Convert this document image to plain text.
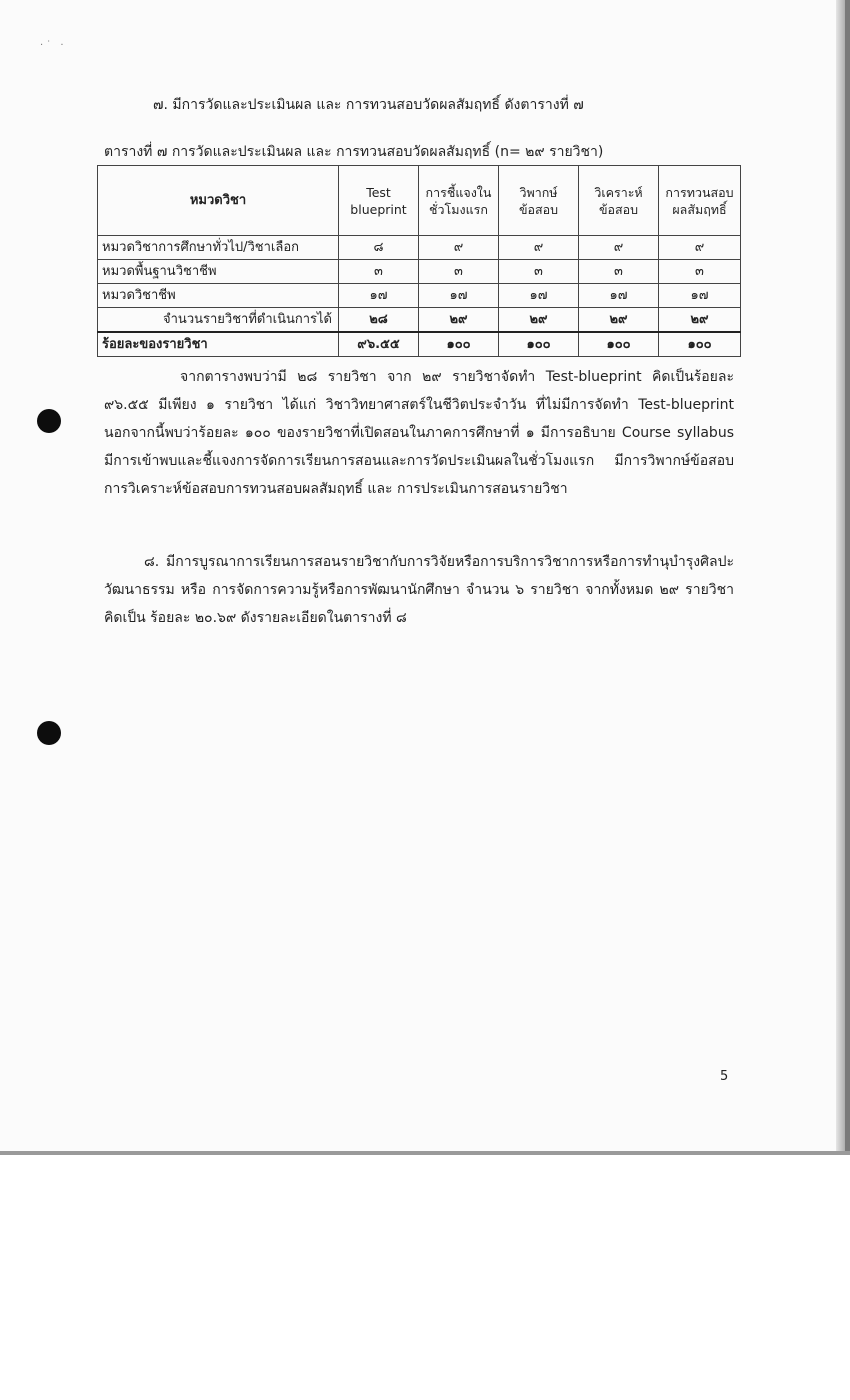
·˙ ·
๗. มีการวัดและประเมินผล และ การทวนสอบวัดผลสัมฤทธิ์ ดังตารางที่ ๗
ตารางที่ ๗ การวัดและประเมินผล และ การทวนสอบวัดผลสัมฤทธิ์ (n= ๒๙ รายวิชา)
หมวดวิชา	Test blueprint	การชี้แจงในชั่วโมงแรก	วิพากษ์ข้อสอบ	วิเคราะห์ข้อสอบ	การทวนสอบผลสัมฤทธิ์
หมวดวิชาการศึกษาทั่วไป/วิชาเลือก	๘	๙	๙	๙	๙
หมวดพื้นฐานวิชาชีพ	๓	๓	๓	๓	๓
หมวดวิชาชีพ	๑๗	๑๗	๑๗	๑๗	๑๗
จำนวนรายวิชาที่ดำเนินการได้	๒๘	๒๙	๒๙	๒๙	๒๙
ร้อยละของรายวิชา	๙๖.๕๕	๑๐๐	๑๐๐	๑๐๐	๑๐๐
จากตารางพบว่ามี ๒๘ รายวิชา จาก ๒๙ รายวิชาจัดทำ Test-blueprint คิดเป็นร้อยละ ๙๖.๕๕ มีเพียง ๑ รายวิชา ได้แก่ วิชาวิทยาศาสตร์ในชีวิตประจำวัน ที่ไม่มีการจัดทำ Test-blueprint นอกจากนี้พบว่าร้อยละ ๑๐๐ ของรายวิชาที่เปิดสอนในภาคการศึกษาที่ ๑ มีการอธิบาย Course syllabus มีการเข้าพบและชี้แจงการจัดการเรียนการสอนและการวัดประเมินผลในชั่วโมงแรก มีการวิพากษ์ข้อสอบ การวิเคราะห์ข้อสอบการทวนสอบผลสัมฤทธิ์ และ การประเมินการสอนรายวิชา
๘. มีการบูรณาการเรียนการสอนรายวิชากับการวิจัยหรือการบริการวิชาการหรือการทำนุบำรุงศิลปะวัฒนาธรรม หรือ การจัดการความรู้หรือการพัฒนานักศึกษา จำนวน ๖ รายวิชา จากทั้งหมด ๒๙ รายวิชา คิดเป็น ร้อยละ ๒๐.๖๙ ดังรายละเอียดในตารางที่ ๘
5
